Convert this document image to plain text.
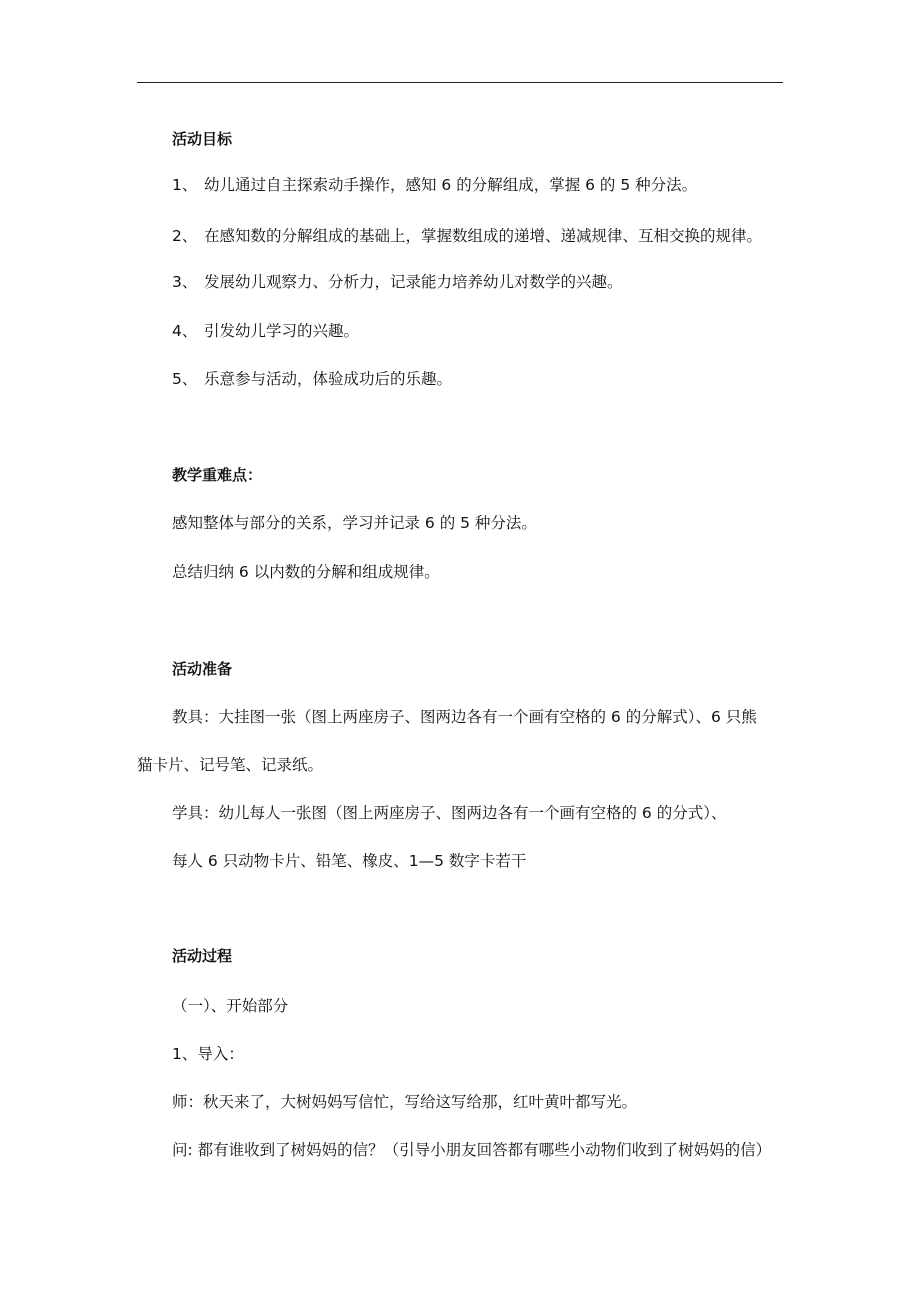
活动目标

1、 幼儿通过自主探索动手操作，感知 6 的分解组成，掌握 6 的 5 种分法。

2、 在感知数的分解组成的基础上，掌握数组成的递增、递减规律、互相交换的规律。

3、 发展幼儿观察力、分析力，记录能力培养幼儿对数学的兴趣。

4、 引发幼儿学习的兴趣。

5、 乐意参与活动，体验成功后的乐趣。

教学重难点：

感知整体与部分的关系，学习并记录 6 的 5 种分法。

总结归纳 6 以内数的分解和组成规律。

活动准备

教具：大挂图一张（图上两座房子、图两边各有一个画有空格的 6 的分解式）、6 只熊

猫卡片、记号笔、记录纸。

学具：幼儿每人一张图（图上两座房子、图两边各有一个画有空格的 6 的分式）、

每人 6 只动物卡片、铅笔、橡皮、1—5 数字卡若干

活动过程

（一）、开始部分

1、导入：

师：秋天来了，大树妈妈写信忙，写给这写给那，红叶黄叶都写光。

问: 都有谁收到了树妈妈的信？（引导小朋友回答都有哪些小动物们收到了树妈妈的信）
